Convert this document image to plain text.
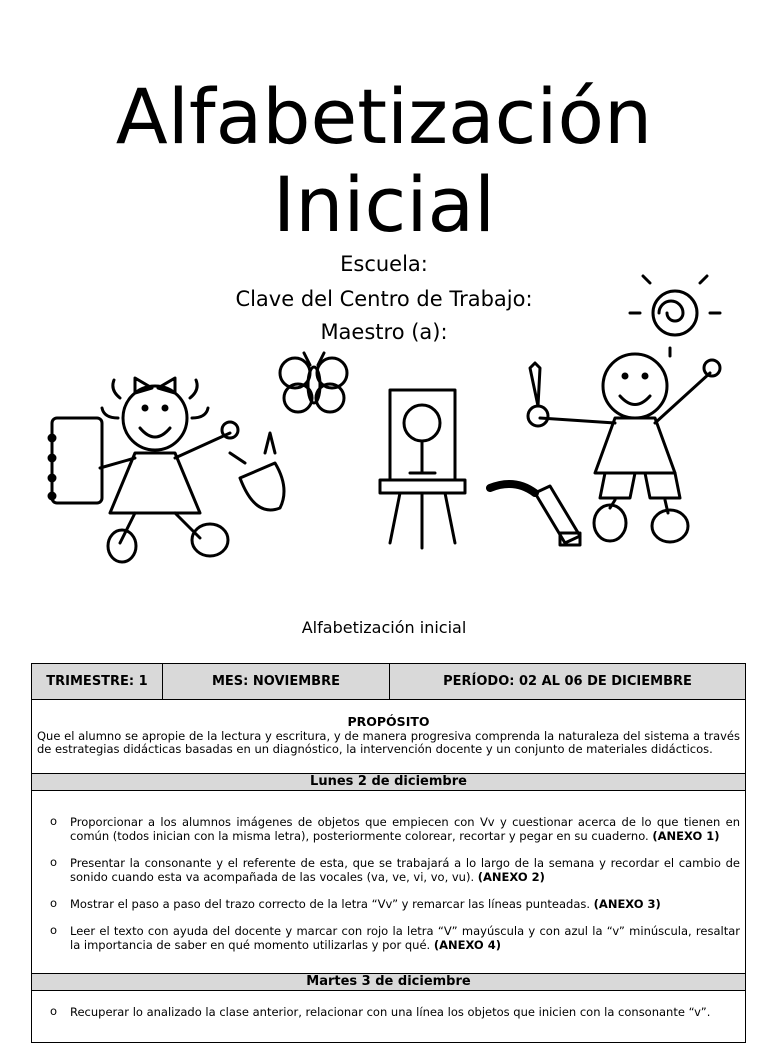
Alfabetización
Inicial
Escuela:
Clave del Centro de Trabajo:
Maestro (a):
Alfabetización inicial
TRIMESTRE: 1	MES: NOVIEMBRE	PERÍODO: 02 AL 06 DE DICIEMBRE
PROPÓSITO

Que el alumno se apropie de la lectura y escritura, y de manera progresiva comprenda la naturaleza del sistema a través de estrategias didácticas basadas en un diagnóstico, la intervención docente y un conjunto de materiales didácticos.

Lunes 2 de diciembre
o Proporcionar a los alumnos imágenes de objetos que empiecen con Vv y cuestionar acerca de lo que tienen en común (todos inician con la misma letra), posteriormente colorear, recortar y pegar en su cuaderno. (ANEXO 1)
o Presentar la consonante y el referente de esta, que se trabajará a lo largo de la semana y recordar el cambio de sonido cuando esta va acompañada de las vocales (va, ve, vi, vo, vu). (ANEXO 2)
o Mostrar el paso a paso del trazo correcto de la letra “Vv” y remarcar las líneas punteadas. (ANEXO 3)
o Leer el texto con ayuda del docente y marcar con rojo la letra “V” mayúscula y con azul la “v” minúscula, resaltar la importancia de saber en qué momento utilizarlas y por qué. (ANEXO 4)
Martes 3 de diciembre
o Recuperar lo analizado la clase anterior, relacionar con una línea los objetos que inicien con la consonante “v”.
